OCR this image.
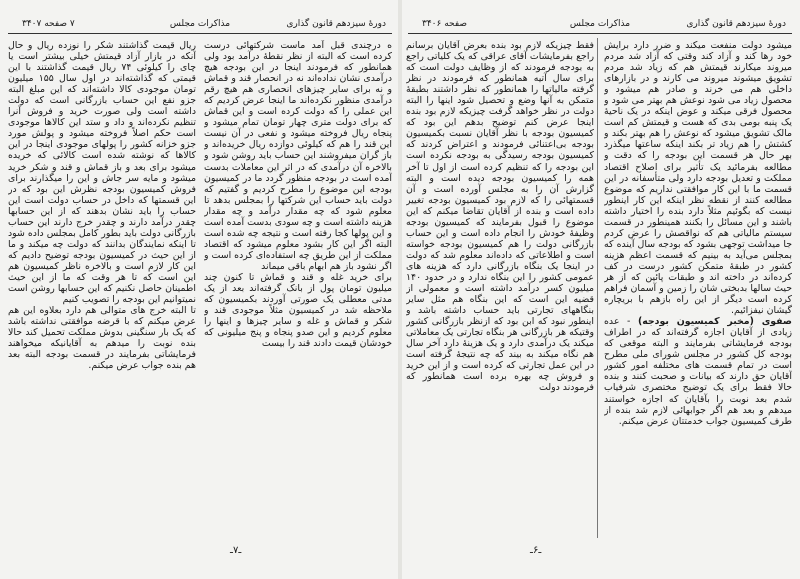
دورهٔ سیزدهم قانون گذاری
مذاکرات مجلس
۷ صفحه ۳۴۰۷

ه درچندی قبل آمد ماست شرکتهائی درست کرده است که البته از نظر نقطهٔ درآمد بود ولی همانطور که فرمودند اینجا در این بودجه هیچ درآمدی نشان نداده‌اند نه در انحصار قند و قماش و نه برای سایر چیزهای انحصاری هم هیچ رقم درآمدی منظور نکرده‌اند ما اینجا عرض کردیم که این عملی را که دولت کرده است و این قماش که برای دولت متری چهار تومان تمام میشود و پنجاه ریال فروخته میشود و نفعی در آن نیست این قند را هم که کیلوئی دوازده ریال خریده‌اند و باز گران میفروشند این حساب باید روشن شود و بالاخره آن درآمدی که در اثر این معاملات بدست آمده است در بودجه منظور گردد ما در کمیسیون بودجه این موضوع را مطرح کردیم و گفتیم که دولت باید حساب این شرکتها را بمجلس بدهد تا معلوم شود که چه مقدار درآمد و چه مقدار هزینه داشته است و چه سودی بدست آمده است و این پولها کجا رفته است و نتیجه چه شده است البته اگر این کار بشود معلوم میشود که اقتصاد مملکت از این طریق چه استفاده‌ای کرده است و اگر نشود باز هم ابهام باقی میماند

برای خرید غله و قند و قماش تا کنون چند میلیون تومان پول از بانک گرفته‌اند بعد از یک مدتی معطلی یک صورتی آوردند بکمیسیون که ملاحظه شد در کمیسیون مثلاً موجودی قند و شکر و قماش و غله و سایر چیزها و اینها را معلوم کردیم و این صدو پنجاه و پنج میلیونی که خودشان قیمت دادند قند را بیست

ریال قیمت گذاشتند شکر را نوزده ریال و حال آنکه در بازار آزاد قیمتش خیلی بیشتر است یا چای را کیلوئی ۷۴ ریال قیمت گذاشتند با این قیمتی که گذاشته‌اند در اول سال ۱۵۵ میلیون تومان موجودی کالا داشته‌اند که این مبلغ البته جزو نفع این حساب بازرگانی است که دولت داشته است ولی صورت خرید و فروش آنرا تنظیم نکرده‌اند و داد و ستد این کالاها موجودی است حکم اصلاً فروخته میشود و پولش مورد جزو خزانه کشور را پولهای موجودی اینجا در این کالاها که نوشته شده است کالائی که خریده میشود برای بعد و باز قماش و قند و شکر خرید میشود و مایه سر جاش و این را میگذارند برای فروش کمیسیون بودجه نظرش این بود که در این قسمتها که داخل در حساب دولت است این حساب را باید نشان بدهند که از این حسابها چقدر درآمد دارند و چقدر خرج دارند این حساب بازرگانی دولت باید بطور کامل بمجلس داده شود تا اینکه نمایندگان بدانند که دولت چه میکند و ما از این حیث در کمیسیون بودجه توضیح دادیم که این کار لازم است و بالاخره ناظر کمیسیون هم این است که تا هر وقت که ما از این حیث اطمینان حاصل نکنیم که این حسابها روشن است نمیتوانیم این بودجه را تصویب کنیم

تا البته خرج های متوالی هم دارد بعلاوه این هم عرض میکنم که با قرضه موافقتی نداشته باشد که یک بار سنگینی بدوش مملکت تحمیل کند حالا بنده نوبت را میدهم به آقایانیکه میخواهند فرمایشاتی بفرمایند در قسمت بودجه البته بعد هم بنده جواب عرض میکنم.

ـ۷ـ
دورهٔ سیزدهم قانون گذاری
مذاکرات مجلس
صفحه ۳۴۰۶

میشود دولت منفعت میکند و ضرر دارد برایش خود رها کند و آزاد کند وقتی که آزاد شد مردم میروند میکارند قیمتش هم که زیاد شد مردم تشویق میشوند میروند می کارند و در بازارهای داخلی هم می خرند و صادر هم میشود و محصول زیاد می شود نوعش هم بهتر می شود و محصول فرقی میکند و عوض اینکه در یک ناحیهٔ یک پنبه بومی بدی که هست و قیمتش کم است مالک تشویق میشود که نوعش را هم بهتر بکند و کشتش را هم زیاد تر بکند اینکه ساعتها میگذرد بهر حال هر قسمت این بودجه را که دقت و مطالعه بفرمائید یک تأثیر برای اصلاح اقتصاد مملکت و تعدیل بودجه دارد ولی متأسفانه در این قسمت ما با این کار موافقتی نداریم که موضوع مطالعه کنند از نقطه نظر اینکه این کار اینطور نیست که بگوئیم مثلاً دارد بنده را اختیار داشته باشند و این مسائل را بکنند همینطور در قسمت سیستم مالیاتی هم که نواقصش را عرض کردم جا میداشت توجهی بشود که بودجه سال آینده که بمجلس می‌آید به بینیم که قسمت اعظم هزینه کشور در طبقهٔ متمکن کشور درست در کف کرده‌اند در داخته اند و طبقات پائین که از هر حیث سالها بدبختی شان را زمین و آسمان فراهم کرده است دیگر از این راه بازهم با بریچاره گیشان نیفزائیم.

صفوی (مخبر کمیسیون بودجه) - عده زیادی از آقایان اجازه گرفته‌اند که در اطراف بودجه فرمایشاتی بفرمایند و البته موقعی که بودجه کل کشور در مجلس شورای ملی مطرح است در تمام قسمت های مختلفه امور کشور آقایان حق دارند که بیانات و صحبت کنند و بنده حالا فقط برای یک توضیح مختصری شرفیاب شدم بعد نوبت را بآقایان که اجازه خواستند میدهم و بعد هم اگر جوابهائی لازم شد بنده از طرف کمیسیون جواب خدمتتان عرض میکنم.

فقط چیزیکه لازم بود بنده بعرض آقایان برسانم راجع بفرمایشات آقای عراقی که یک کلیاتی راجع به بودجه فرمودند که از وظایف دولت است که برای سال آتیه همانطور که فرمودند در نظر گرفته مالیاتها را همانطور که نظر داشتند بطبقهٔ متمکن به آنها وضع و تحصیل شود اینها را البته دولت در نظر خواهد گرفت چیزیکه لازم بود بنده اینجا عرض کنم توضیح بدهم این بود که کمیسیون بودجه با نظر آقایان نسبت بکمیسیون بودجه بی‌اعتنائی فرمودند و اعتراض کردند که کمیسیون بودجه رسیدگی به بودجه نکرده است این بودجه را که تنظیم کرده است از اول تا آخر همه را کمیسیون بودجه دیده است و البته گزارش آن را به مجلس آورده است و آن قسمتهائی را که لازم بود کمیسیون بودجه تغییر داده است و بنده از آقایان تقاضا میکنم که این موضوع را قبول بفرمایند که کمیسیون بودجه وظیفهٔ خودش را انجام داده است و این حساب بازرگانی دولت را هم کمیسیون بودجه خواسته است و اطلاعاتی که داده‌اند معلوم شد که دولت در اینجا یک بنگاه بازرگانی دارد که هزینه های عمومی کشور را این بنگاه ندارد و در حدود ۱۴۰ میلیون کسر درآمد داشته است و معمولی از قضیه این است که این بنگاه هم مثل سایر بنگاههای تجارتی باید حساب داشته باشد و اینطور نبود که ابن بود که ازنظر بازرگانی کشور وقتیکه هر بازرگانی هر بنگاه تجارتی یک معاملاتی میکند یک درآمدی دارد و یک هزینهٔ دارد آخر سال هم نگاه میکند به بیند که چه نتیجهٔ گرفته است در این عمل تجارتی که کرده است و از این خرید و فروش چه بهره برده است همانطور که فرمودند دولت

ـ۶ـ
